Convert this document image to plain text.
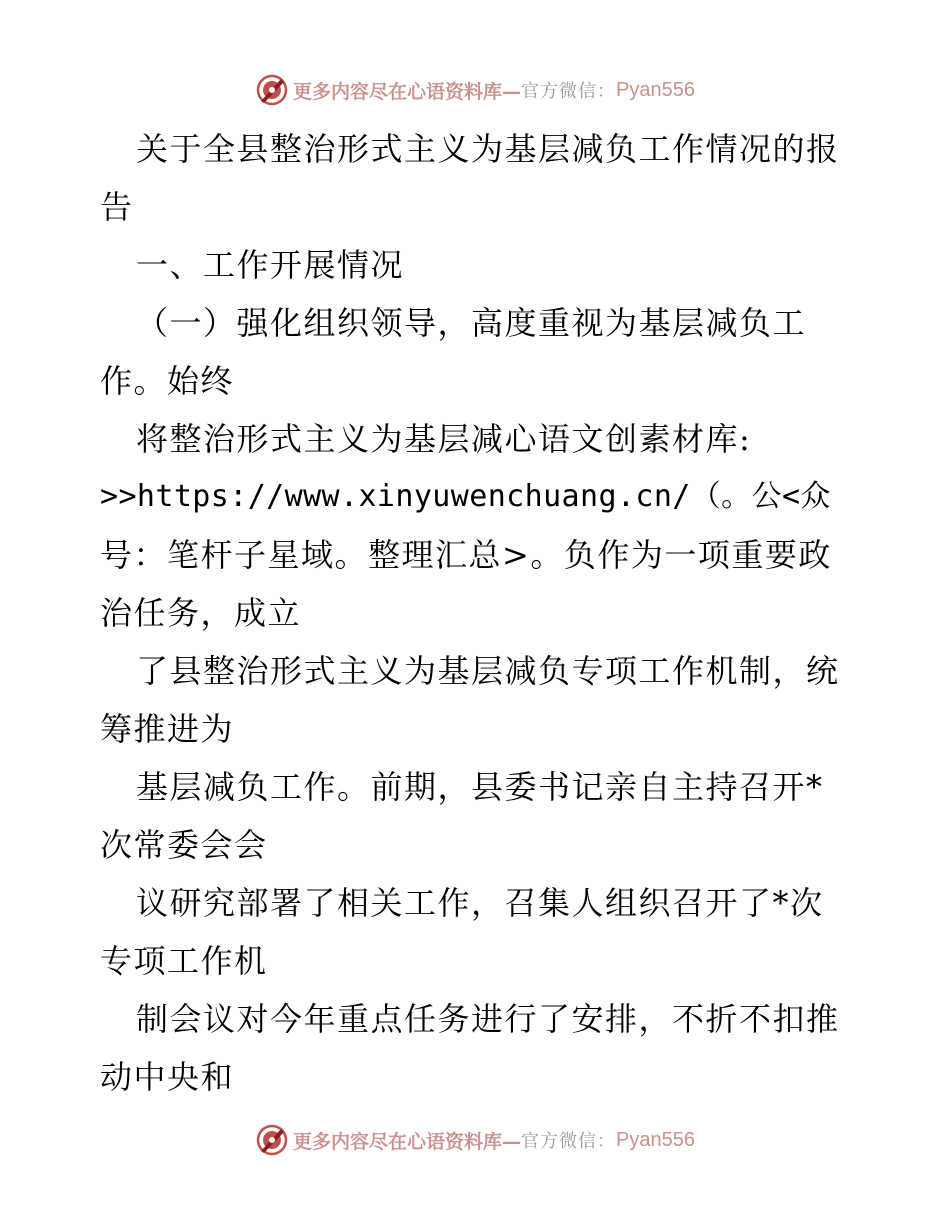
更多内容尽在心语资料库— 官方微信： Pyan556
关于全县整治形式主义为基层减负工作情况的报
告
一、工作开展情况
（一）强化组织领导，高度重视为基层减负工
作。始终
将整治形式主义为基层减心语文创素材库:
>>https://www.xinyuwenchuang.cn/（。公<众
号：笔杆子星域。整理汇总>。负作为一项重要政
治任务，成立
了县整治形式主义为基层减负专项工作机制，统
筹推进为
基层减负工作。前期，县委书记亲自主持召开*
次常委会会
议研究部署了相关工作，召集人组织召开了*次
专项工作机
制会议对今年重点任务进行了安排，不折不扣推
动中央和
更多内容尽在心语资料库— 官方微信： Pyan556
